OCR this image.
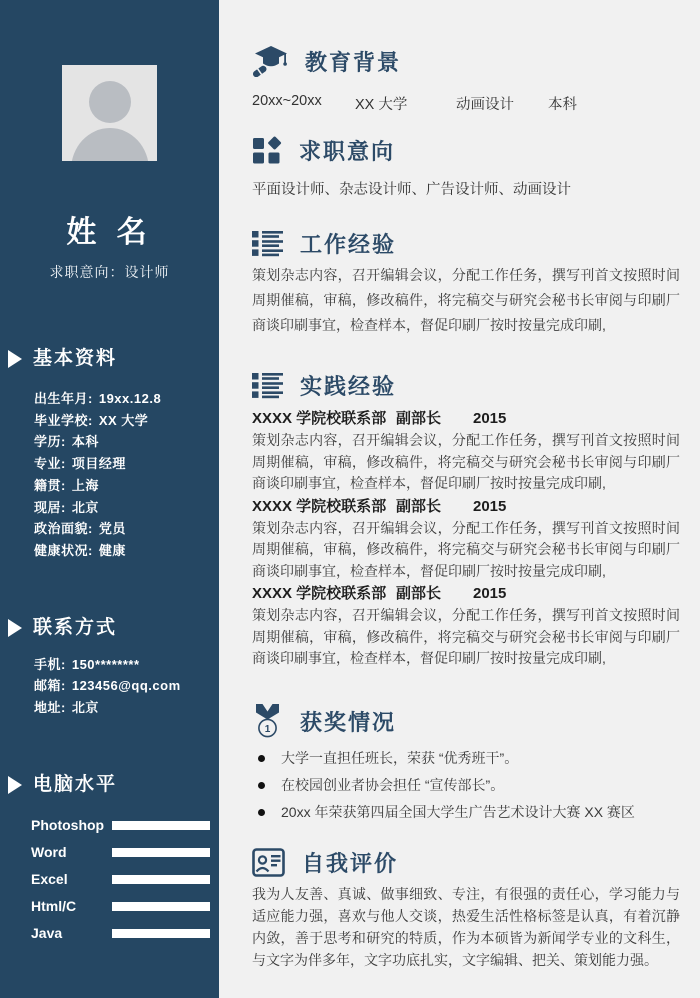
姓 名
求职意向：设计师
基本资料
出生年月: 19xx.12.8
毕业学校: XX 大学
学历: 本科
专业: 项目经理
籍贯: 上海
现居: 北京
政治面貌: 党员
健康状况: 健康
联系方式
手机: 150********
邮箱: 123456@qq.com
地址: 北京
电脑水平
Photoshop
Word
Excel
Html/C
Java
教育背景
20xx~20xx	XX 大学	动画设计	本科
求职意向
平面设计师、杂志设计师、广告设计师、动画设计
工作经验

策划杂志内容，召开编辑会议，分配工作任务，撰写刊首文按照时间周期催稿，审稿，修改稿件，将完稿交与研究会秘书长审阅与印刷厂商谈印刷事宜，检查样本，督促印刷厂按时按量完成印刷,

实践经验
XXXX 学院校联系部 副部长	2015
策划杂志内容，召开编辑会议，分配工作任务，撰写刊首文按照时间周期催稿，审稿，修改稿件，将完稿交与研究会秘书长审阅与印刷厂商谈印刷事宜，检查样本，督促印刷厂按时按量完成印刷,
XXXX 学院校联系部 副部长	2015
策划杂志内容，召开编辑会议，分配工作任务，撰写刊首文按照时间周期催稿，审稿，修改稿件，将完稿交与研究会秘书长审阅与印刷厂商谈印刷事宜，检查样本，督促印刷厂按时按量完成印刷,
XXXX 学院校联系部 副部长	2015
策划杂志内容，召开编辑会议，分配工作任务，撰写刊首文按照时间周期催稿，审稿，修改稿件，将完稿交与研究会秘书长审阅与印刷厂商谈印刷事宜，检查样本，督促印刷厂按时按量完成印刷,
1 获奖情况
大学一直担任班长，荣获 “优秀班干”。
在校园创业者协会担任 “宣传部长”。
20xx 年荣获第四届全国大学生广告艺术设计大赛 XX 赛区
自我评价

我为人友善、真诚、做事细致、专注，有很强的责任心，学习能力与适应能力强，喜欢与他人交谈，热爱生活性格标签是认真，有着沉静内敛，善于思考和研究的特质，作为本硕皆为新闻学专业的文科生，与文字为伴多年，文字功底扎实，文字编辑、把关、策划能力强。
